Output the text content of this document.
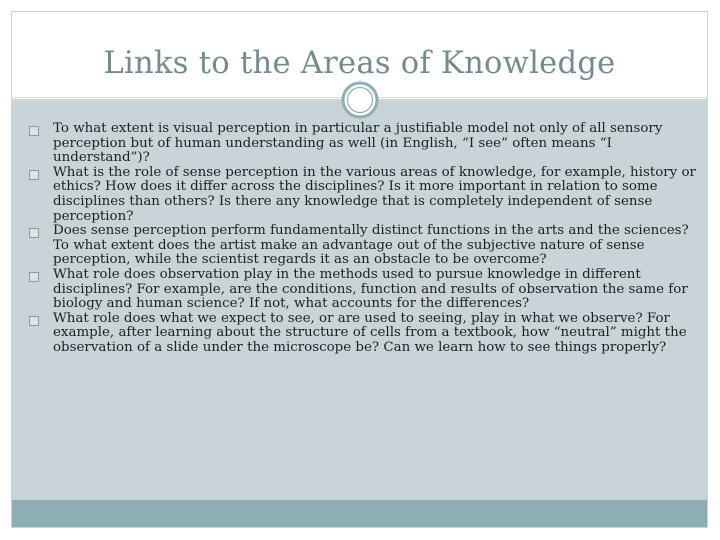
Links to the Areas of Knowledge
To what extent is visual perception in particular a justifiable model not only of all sensory perception but of human understanding as well (in English, “I see” often means “I understand”)?
What is the role of sense perception in the various areas of knowledge, for example, history or ethics? How does it differ across the disciplines? Is it more important in relation to some disciplines than others? Is there any knowledge that is completely independent of sense perception?
Does sense perception perform fundamentally distinct functions in the arts and the sciences? To what extent does the artist make an advantage out of the subjective nature of sense perception, while the scientist regards it as an obstacle to be overcome?
What role does observation play in the methods used to pursue knowledge in different disciplines? For example, are the conditions, function and results of observation the same for biology and human science? If not, what accounts for the differences?
What role does what we expect to see, or are used to seeing, play in what we observe? For example, after learning about the structure of cells from a textbook, how “neutral” might the observation of a slide under the microscope be? Can we learn how to see things properly?
